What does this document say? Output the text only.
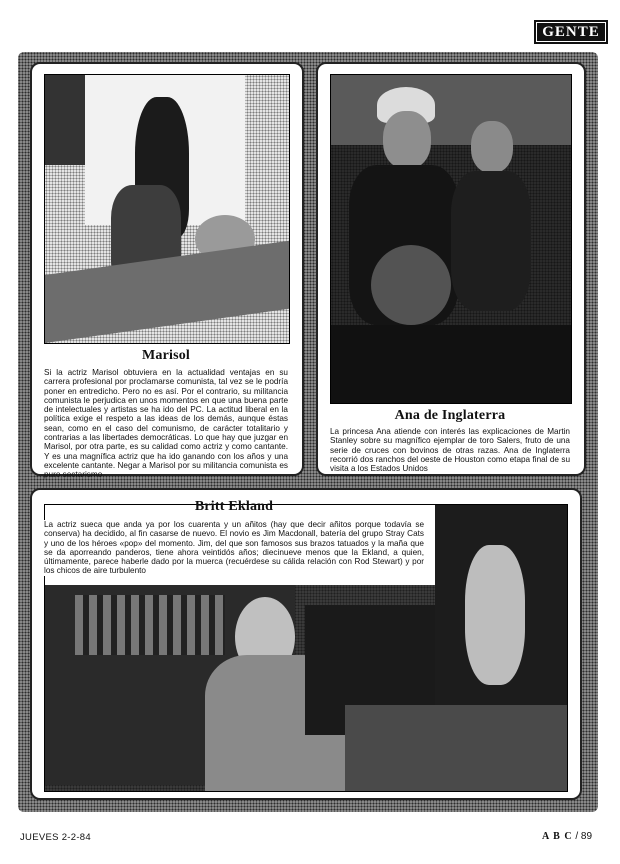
GENTE
Marisol

Si la actriz Marisol obtuviera en la actualidad ventajas en su carrera profesional por proclamarse comunista, tal vez se le podría poner en entredicho. Pero no es así. Por el contrario, su militancia comunista le perjudica en unos momentos en que una buena parte de intelectuales y artistas se ha ido del PC. La actitud liberal en la política exige el respeto a las ideas de los demás, aunque éstas sean, como en el caso del comunismo, de carácter totalitario y contrarias a las libertades democráticas. Lo que hay que juzgar en Marisol, por otra parte, es su calidad como actriz y como cantante. Y es una magnífica actriz que ha ido ganando con los años y una excelente cantante. Negar a Marisol por su militancia comunista es puro sectarismo

Ana de Inglaterra

La princesa Ana atiende con interés las explicaciones de Martin Stanley sobre su magnífico ejemplar de toro Salers, fruto de una serie de cruces con bovinos de otras razas. Ana de Inglaterra recorrió dos ranchos del oeste de Houston como etapa final de su visita a los Estados Unidos

Britt Ekland

La actriz sueca que anda ya por los cuarenta y un añitos (hay que decir añitos porque todavía se conserva) ha decidido, al fin casarse de nuevo. El novio es Jim Macdonall, batería del grupo Stray Cats y uno de los héroes «pop» del momento. Jim, del que son famosos sus brazos tatuados y la maña que se da aporreando panderos, tiene ahora veintidós años; diecinueve menos que la Ekland, a quien, últimamente, parece haberle dado por la muerca (recuérdese su cálida relación con Rod Stewart) y por los chicos de aire turbulento

JUEVES 2-2-84	A B C / 89
